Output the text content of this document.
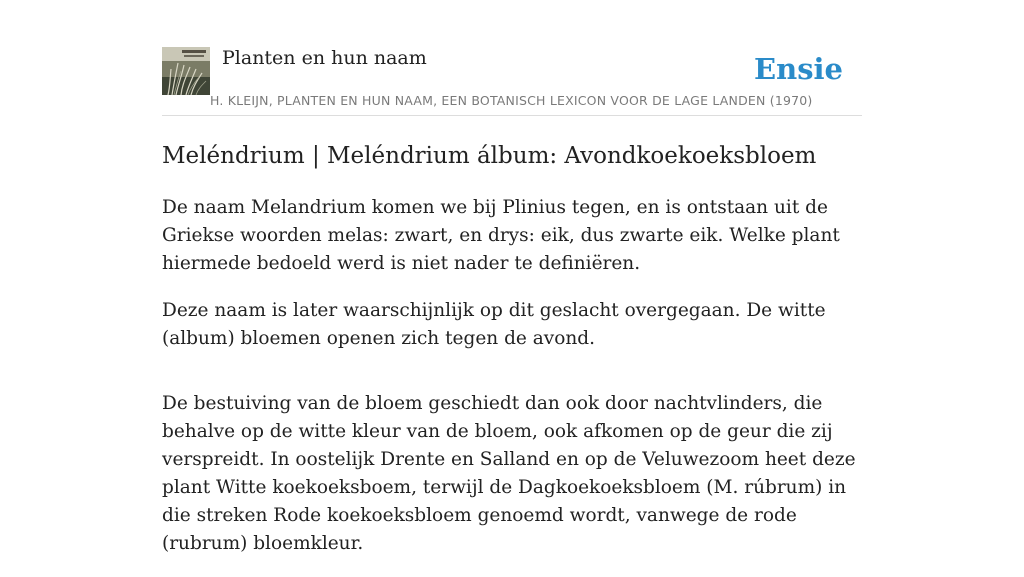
Planten en hun naam	Ensie
H. KLEIJN, PLANTEN EN HUN NAAM, EEN BOTANISCH LEXICON VOOR DE LAGE LANDEN (1970)
Meléndrium | Meléndrium álbum: Avondkoekoeksbloem

De naam Melandrium komen we bij Plinius tegen, en is ontstaan uit de Griekse woorden melas: zwart, en drys: eik, dus zwarte eik. Welke plant hiermede bedoeld werd is niet nader te definiëren.

Deze naam is later waarschijnlijk op dit geslacht overgegaan. De witte (album) bloemen openen zich tegen de avond.

De bestuiving van de bloem geschiedt dan ook door nachtvlinders, die behalve op de witte kleur van de bloem, ook afkomen op de geur die zij verspreidt. In oostelijk Drente en Salland en op de Veluwezoom heet deze plant Witte koekoeksboem, terwijl de Dagkoekoeksbloem (M. rúbrum) in die streken Rode koekoeksbloem genoemd wordt, vanwege de rode (rubrum) bloemkleur.
